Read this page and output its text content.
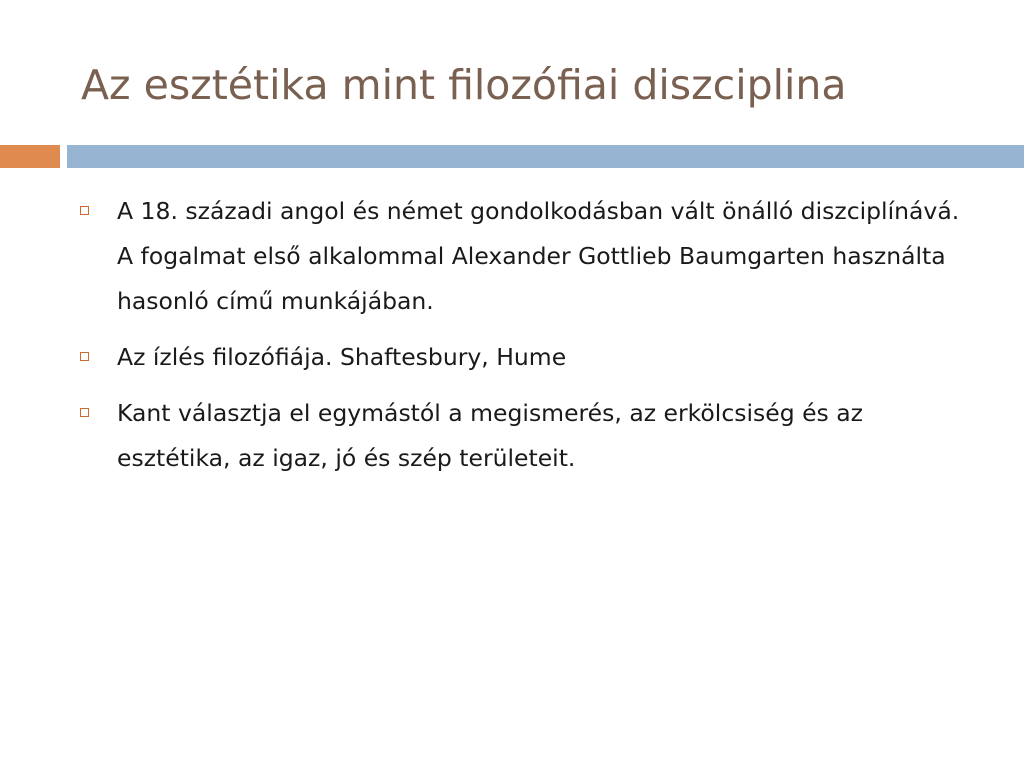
Az esztétika mint filozófiai diszciplina
A 18. századi angol és német gondolkodásban vált önálló diszciplínává. A fogalmat első alkalommal Alexander Gottlieb Baumgarten használta hasonló című munkájában.
Az ízlés filozófiája. Shaftesbury, Hume
Kant választja el egymástól a megismerés, az erkölcsiség és az esztétika, az igaz, jó és szép területeit.
